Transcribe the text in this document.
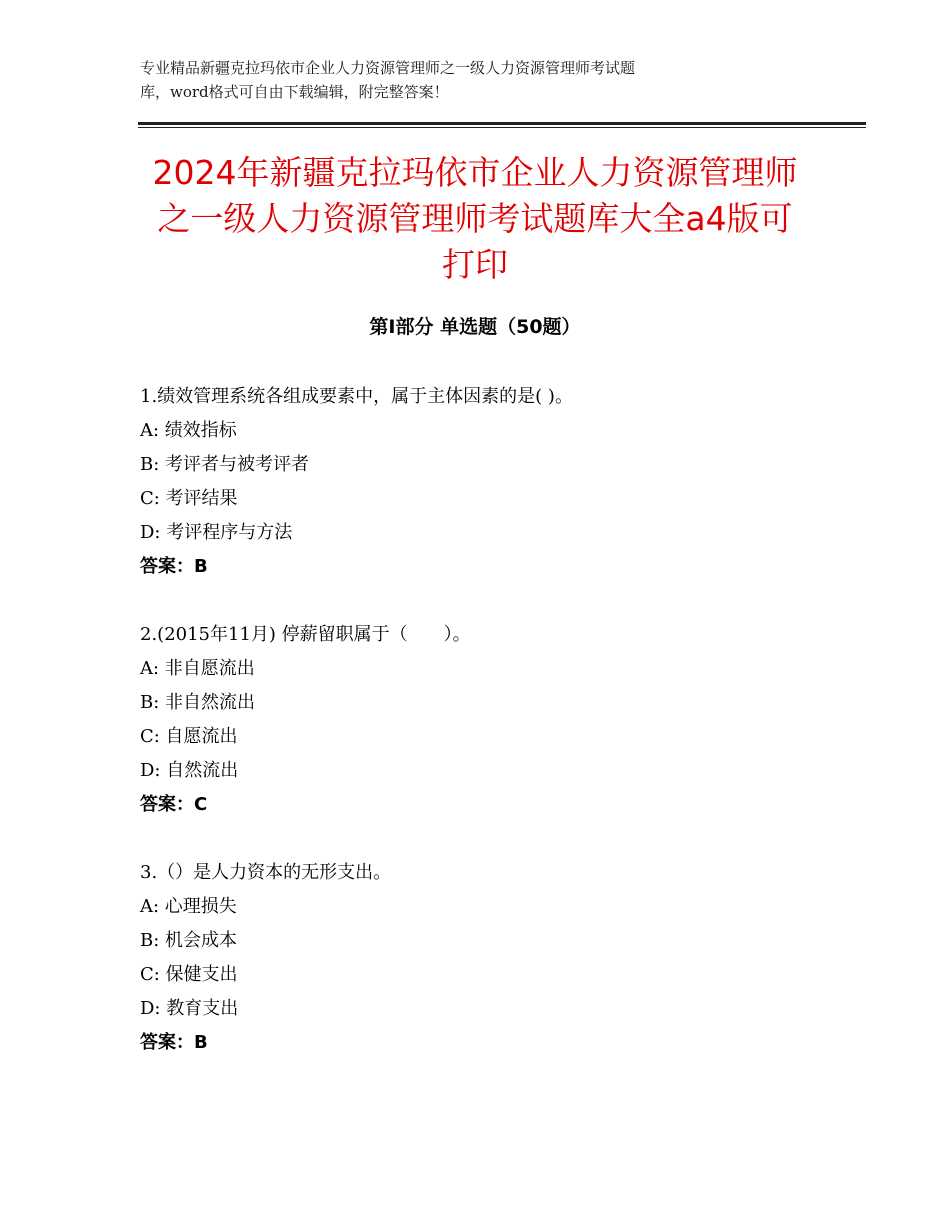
专业精品新疆克拉玛依市企业人力资源管理师之一级人力资源管理师考试题
库，word格式可自由下载编辑，附完整答案！
2024年新疆克拉玛依市企业人力资源管理师
之一级人力资源管理师考试题库大全a4版可
打印
第Ⅰ部分 单选题（50题）
1.绩效管理系统各组成要素中，属于主体因素的是( )。
A: 绩效指标
B: 考评者与被考评者
C: 考评结果
D: 考评程序与方法
答案：B
2.(2015年11月) 停薪留职属于（　　）。
A: 非自愿流出
B: 非自然流出
C: 自愿流出
D: 自然流出
答案：C
3.（）是人力资本的无形支出。
A: 心理损失
B: 机会成本
C: 保健支出
D: 教育支出
答案：B
